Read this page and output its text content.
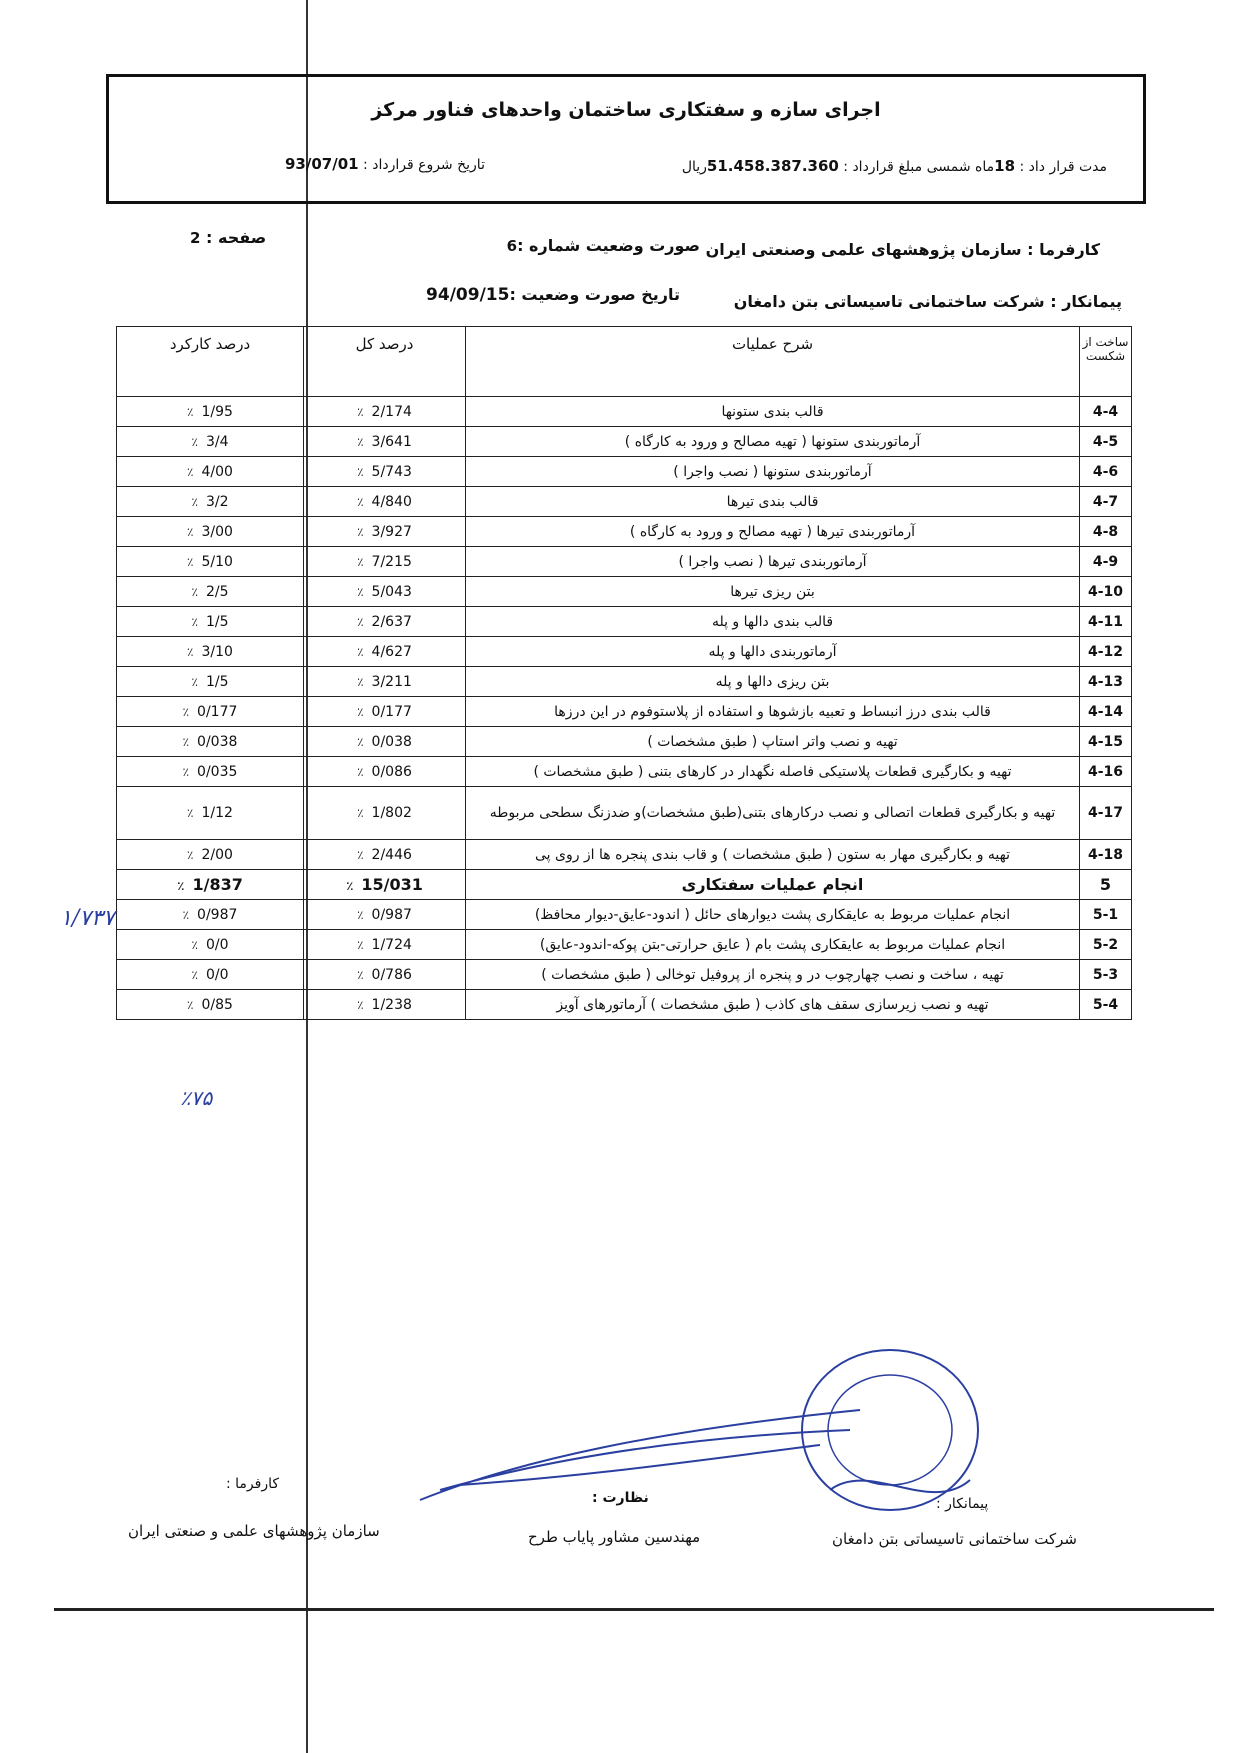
اجرای سازه و سفتکاری ساختمان واحدهای فناور مرکز
مدت قرار داد : 18ماه شمسی مبلغ قرارداد : 51.458.387.360ریال
تاریخ شروع قرارداد : 93/07/01
کارفرما : سازمان پژوهشهای علمی وصنعتی ایران
صورت وضعیت شماره :6
صفحه : 2
پیمانکار : شرکت ساختمانی تاسیساتی بتن دامغان
تاریخ صورت وضعیت :94/09/15
ساخت از شکست	شرح عملیات	درصد کل	درصد کارکرد
4-4	قالب بندی ستونها	٪ 2/174	٪ 1/95
4-5	آرماتوربندی ستونها ( تهیه مصالح و ورود به کارگاه )	٪ 3/641	٪ 3/4
4-6	آرماتوربندی ستونها ( نصب واجرا )	٪ 5/743	٪ 4/00
4-7	قالب بندی تیرها	٪ 4/840	٪ 3/2
4-8	آرماتوربندی تیرها ( تهیه مصالح و ورود به کارگاه )	٪ 3/927	٪ 3/00
4-9	آرماتوربندی تیرها ( نصب واجرا )	٪ 7/215	٪ 5/10
4-10	بتن ریزی تیرها	٪ 5/043	٪ 2/5
4-11	قالب بندی دالها و پله	٪ 2/637	٪ 1/5
4-12	آرماتوربندی دالها و پله	٪ 4/627	٪ 3/10
4-13	بتن ریزی دالها و پله	٪ 3/211	٪ 1/5
4-14	قالب بندی درز انبساط و تعبیه بازشوها و استفاده از پلاستوفوم در این درزها	٪ 0/177	٪ 0/177
4-15	تهیه و نصب واتر استاپ ( طبق مشخصات )	٪ 0/038	٪ 0/038
4-16	تهیه و بکارگیری قطعات پلاستیکی فاصله نگهدار در کارهای بتنی ( طبق مشخصات )	٪ 0/086	٪ 0/035
4-17	تهیه و بکارگیری قطعات اتصالی و نصب درکارهای بتنی(طبق مشخصات)و ضدزنگ سطحی مربوطه	٪ 1/802	٪ 1/12
4-18	تهیه و بکارگیری مهار به ستون ( طبق مشخصات ) و قاب بندی پنجره ها از روی پی	٪ 2/446	٪ 2/00
5	انجام عملیات سفتکاری	٪ 15/031	٪ 1/837
5-1	انجام عملیات مربوط به عایقکاری پشت دیوارهای حائل ( اندود-عایق-دیوار محافظ)	٪ 0/987	٪ 0/987
5-2	انجام عملیات مربوط به عایقکاری پشت بام ( عایق حرارتی-بتن پوکه-اندود-عایق)	٪ 1/724	٪ 0/0
5-3	تهیه ، ساخت و نصب چهارچوب در و پنجره از پروفیل توخالی ( طبق مشخصات )	٪ 0/786	٪ 0/0
5-4	تهیه و نصب زیرسازی سقف های کاذب ( طبق مشخصات ) آرماتورهای آویز	٪ 1/238	٪ 0/85
۱/۷۳۷
٪۷۵
کارفرما :
سازمان پژوهشهای علمی و صنعتی ایران
نظارت :
مهندسین مشاور پایاب طرح
پیمانکار :
شرکت ساختمانی تاسیساتی بتن دامغان
